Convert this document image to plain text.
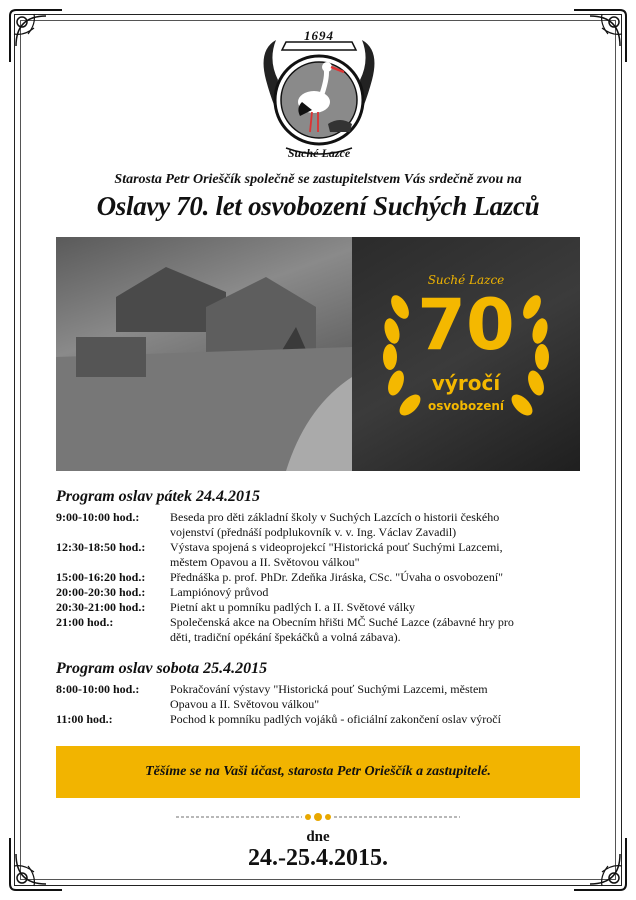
1694
Suché Lazce
Starosta Petr Orieščík společně se zastupitelstvem Vás srdečně zvou na
Oslavy 70. let osvobození Suchých Lazců
Suché Lazce
70
výročí
osvobození
Program oslav pátek 24.4.2015
9:00-10:00 hod.:	Beseda pro děti základní školy v Suchých Lazcích o historii českého
vojenství (přednáší podplukovník v. v. Ing. Václav Zavadil)
12:30-18:50 hod.:	Výstava spojená s videoprojekcí "Historická pouť Suchými Lazcemi,
městem Opavou a II. Světovou válkou"
15:00-16:20 hod.:	Přednáška p. prof. PhDr. Zdeňka Jiráska, CSc. "Úvaha o osvobození"
20:00-20:30 hod.:	Lampiónový průvod
20:30-21:00 hod.:	Pietní akt u pomníku padlých I. a II. Světové války
21:00 hod.:	Společenská akce na Obecním hřišti MČ Suché Lazce (zábavné hry pro
děti, tradiční opékání špekáčků a volná zábava).
Program oslav sobota 25.4.2015
8:00-10:00 hod.:	Pokračování výstavy "Historická pouť Suchými Lazcemi, městem
Opavou a II. Světovou válkou"
11:00 hod.:	Pochod k pomníku padlých vojáků - oficiální zakončení oslav výročí
Těšíme se na Vaši účast, starosta Petr Orieščík a zastupitelé.
dne
24.-25.4.2015.
